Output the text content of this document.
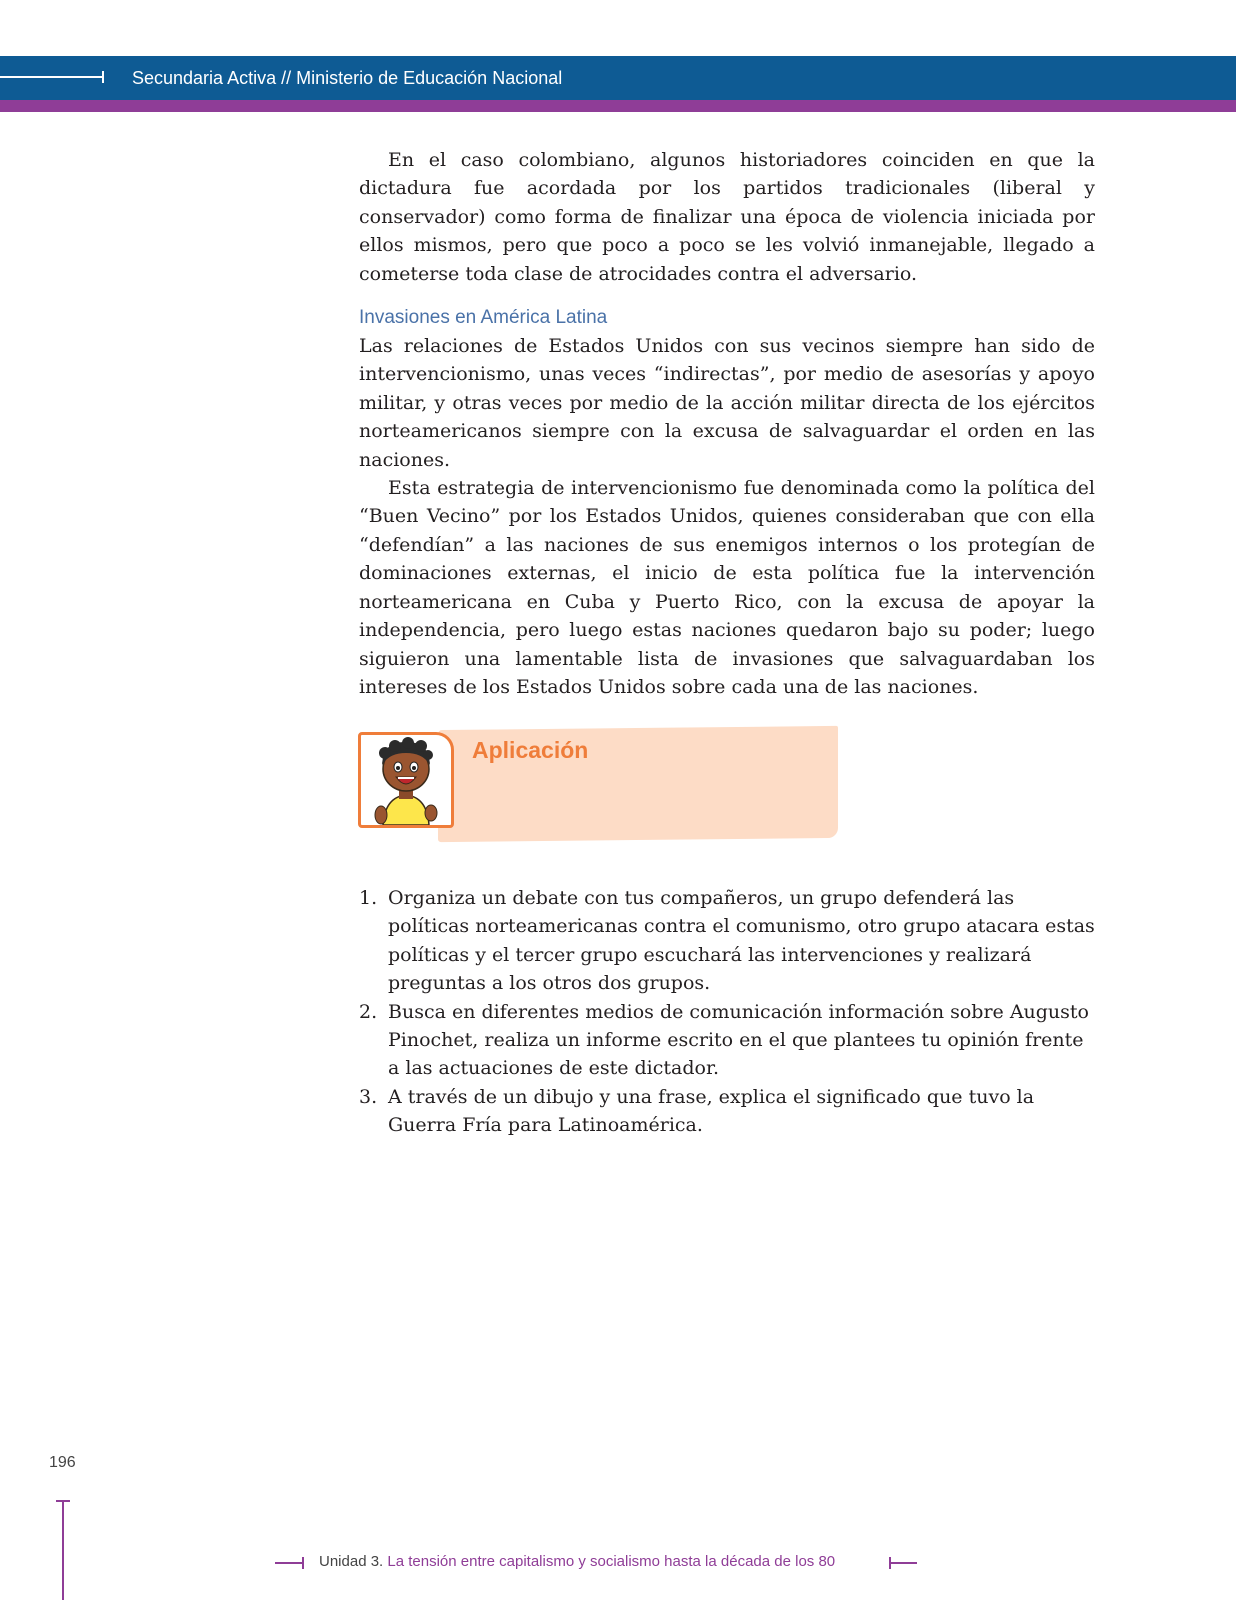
Secundaria Activa // Ministerio de Educación Nacional

En el caso colombiano, algunos historiadores coinciden en que la dictadura fue acordada por los partidos tradicionales (liberal y conservador) como forma de finalizar una época de violencia iniciada por ellos mismos, pero que poco a poco se les volvió inmanejable, llegado a cometerse toda clase de atrocidades contra el adversario.

Invasiones en América Latina

Las relaciones de Estados Unidos con sus vecinos siempre han sido de intervencionismo, unas veces “indirectas”, por medio de asesorías y apoyo militar, y otras veces por medio de la acción militar directa de los ejércitos norteamericanos siempre con la excusa de salvaguardar el orden en las naciones.

Esta estrategia de intervencionismo fue denominada como la política del “Buen Vecino” por los Estados Unidos, quienes consideraban que con ella “defendían” a las naciones de sus enemigos internos o los protegían de dominaciones externas, el inicio de esta política fue la intervención norteamericana en Cuba y Puerto Rico, con la excusa de apoyar la independencia, pero luego estas naciones quedaron bajo su poder; luego siguieron una lamentable lista de invasiones que salvaguardaban los intereses de los Estados Unidos sobre cada una de las naciones.

Aplicación
1. Organiza un debate con tus compañeros, un grupo defenderá las políticas norteamericanas contra el comunismo, otro grupo atacara estas políticas y el tercer grupo escuchará las intervenciones y realizará preguntas a los otros dos grupos.
2. Busca en diferentes medios de comunicación información sobre Augusto Pinochet, realiza un informe escrito en el que plantees tu opinión frente a las actuaciones de este dictador.
3. A través de un dibujo y una frase, explica el significado que tuvo la Guerra Fría para Latinoamérica.
196
Unidad 3. La tensión entre capitalismo y socialismo hasta la década de los 80
